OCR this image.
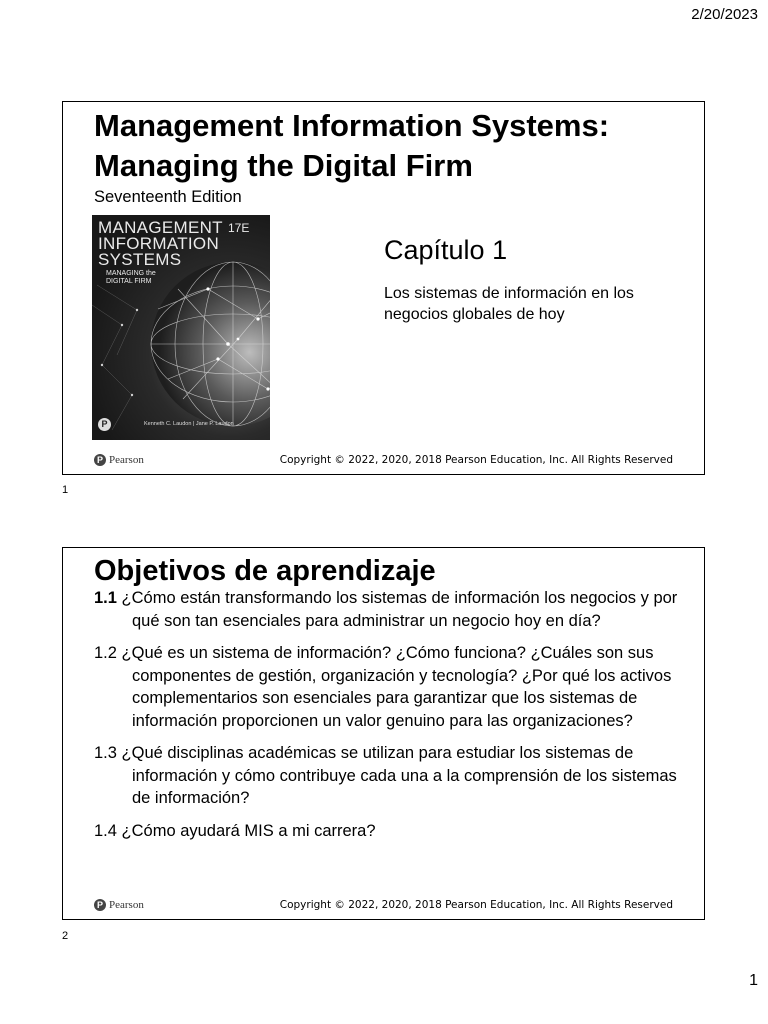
2/20/2023
Management Information Systems:
Managing the Digital Firm
Seventeenth Edition
MANAGEMENT
INFORMATION
SYSTEMS
17E
MANAGING the
DIGITAL FIRM
P	Kenneth C. Laudon | Jane P. Laudon
Capítulo 1
Los sistemas de información en los negocios globales de hoy
P Pearson	Copyright © 2022, 2020, 2018 Pearson Education, Inc. All Rights Reserved
1
Objetivos de aprendizaje
1.1 ¿Cómo están transformando los sistemas de información los negocios y por qué son tan esenciales para administrar un negocio hoy en día?
1.2 ¿Qué es un sistema de información? ¿Cómo funciona? ¿Cuáles son sus componentes de gestión, organización y tecnología? ¿Por qué los activos complementarios son esenciales para garantizar que los sistemas de información proporcionen un valor genuino para las organizaciones?
1.3 ¿Qué disciplinas académicas se utilizan para estudiar los sistemas de información y cómo contribuye cada una a la comprensión de los sistemas de información?
1.4 ¿Cómo ayudará MIS a mi carrera?
P Pearson	Copyright © 2022, 2020, 2018 Pearson Education, Inc. All Rights Reserved
2
1
